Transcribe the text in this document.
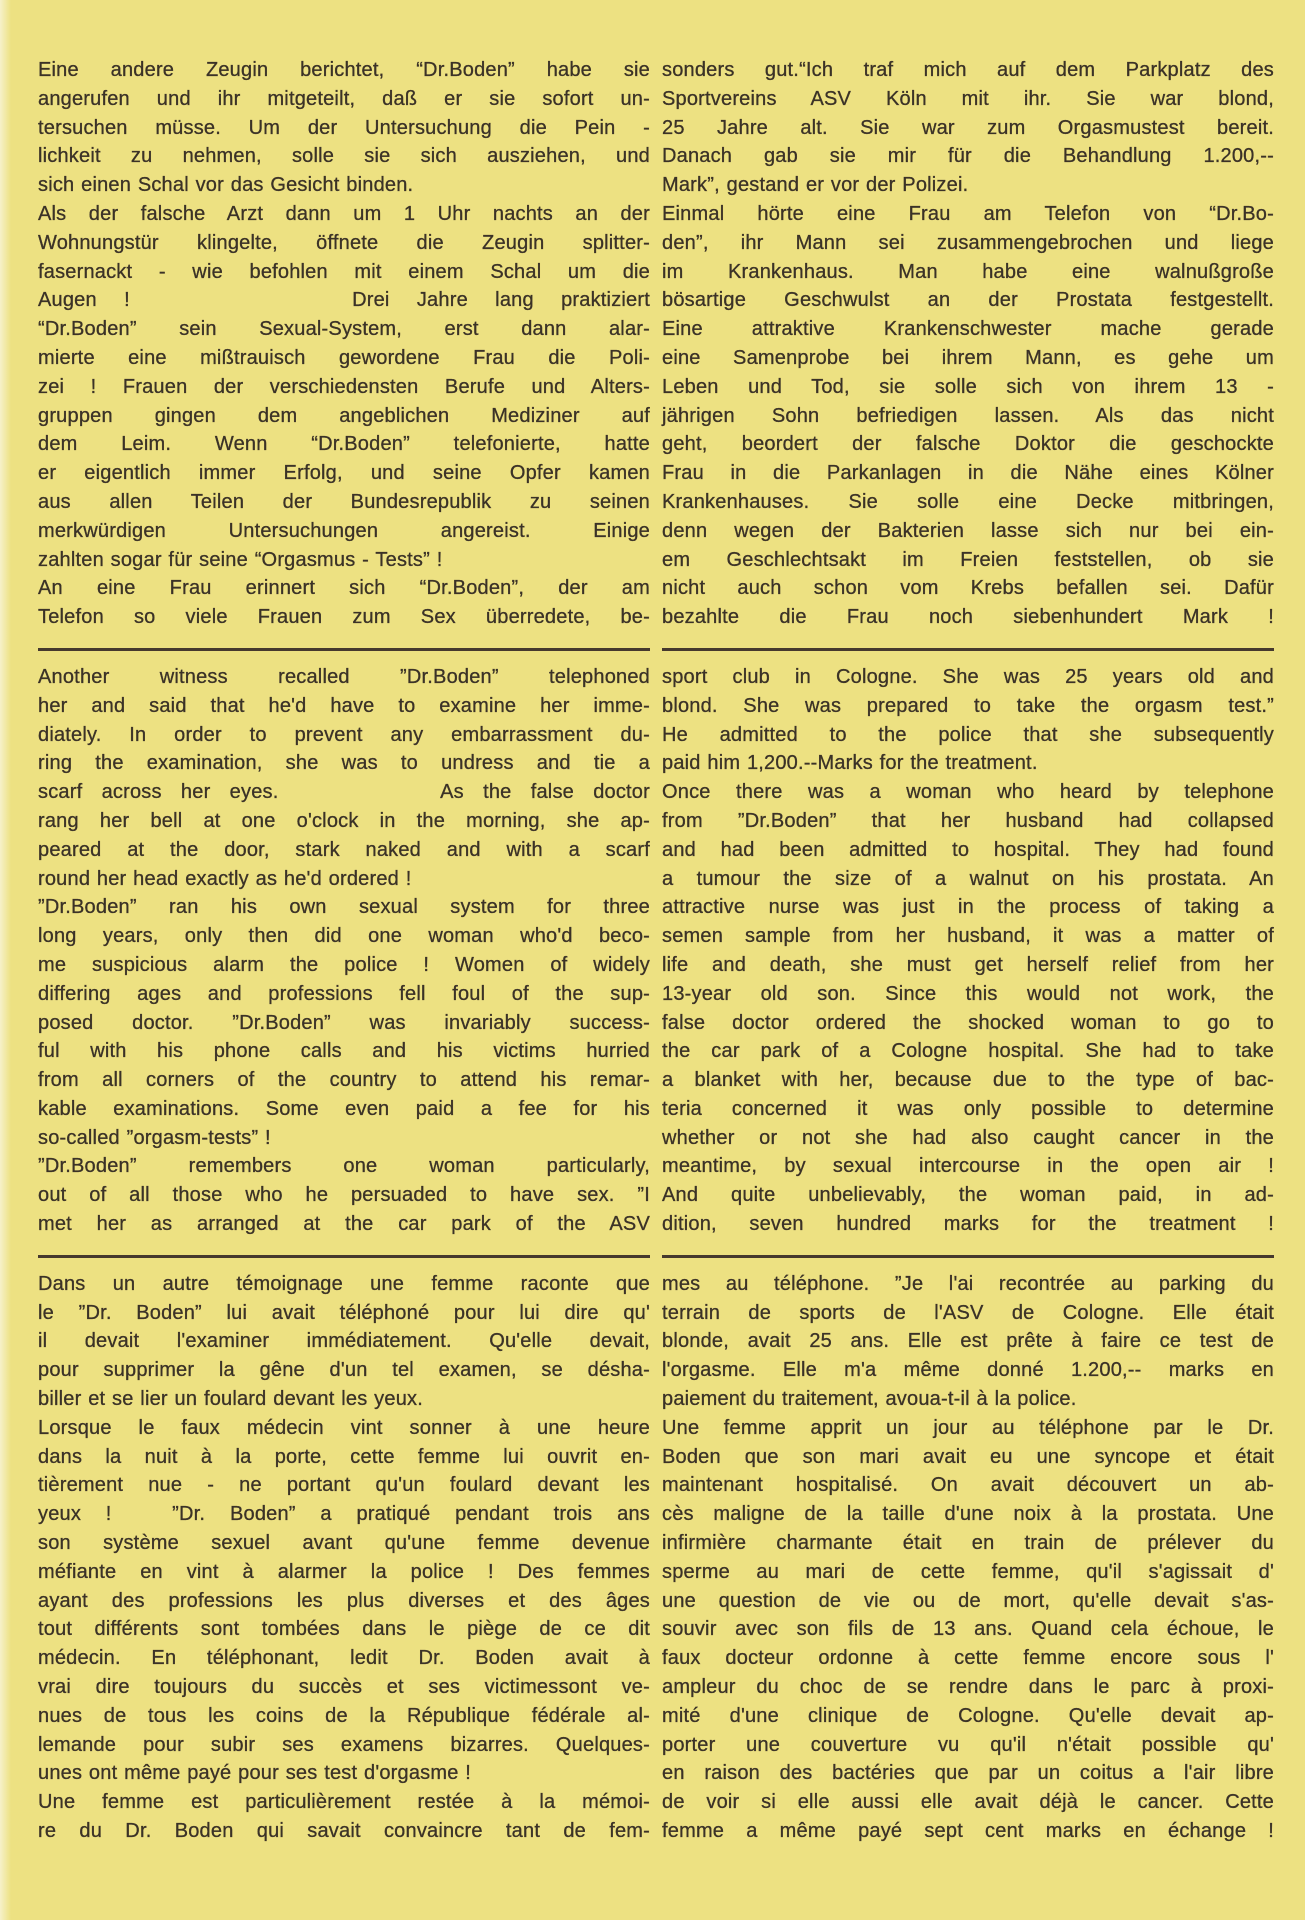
Eine andere Zeugin berichtet, “Dr.Boden” habe sie
angerufen und ihr mitgeteilt, daß er sie sofort un-
tersuchen müsse. Um der Untersuchung die Pein -
lichkeit zu nehmen, solle sie sich ausziehen, und
sich einen Schal vor das Gesicht binden.
Als der falsche Arzt dann um 1 Uhr nachts an der
Wohnungstür klingelte, öffnete die Zeugin splitter-
fasernackt - wie befohlen mit einem Schal um die
Augen !           Drei Jahre lang praktiziert
“Dr.Boden” sein Sexual-System, erst dann alar-
mierte eine mißtrauisch gewordene Frau die Poli-
zei ! Frauen der verschiedensten Berufe und Alters-
gruppen gingen dem angeblichen Mediziner auf
dem Leim. Wenn “Dr.Boden” telefonierte, hatte
er eigentlich immer Erfolg, und seine Opfer kamen
aus allen Teilen der Bundesrepublik zu seinen
merkwürdigen Untersuchungen angereist. Einige
zahlten sogar für seine “Orgasmus - Tests” !
An eine Frau erinnert sich “Dr.Boden”, der am
Telefon so viele Frauen zum Sex überredete, be-
Another witness recalled ”Dr.Boden” telephoned
her and said that he'd have to examine her imme-
diately. In order to prevent any embarrassment du-
ring the examination, she was to undress and tie a
scarf across her eyes.        As the false doctor
rang her bell at one o'clock in the morning, she ap-
peared at the door, stark naked and with a scarf
round her head exactly as he'd ordered !
”Dr.Boden” ran his own sexual system for three
long years, only then did one woman who'd beco-
me suspicious alarm the police ! Women of widely
differing ages and professions fell foul of the sup-
posed doctor. ”Dr.Boden” was invariably success-
ful with his phone calls and his victims hurried
from all corners of the country to attend his remar-
kable examinations. Some even paid a fee for his
so-called ”orgasm-tests” !
”Dr.Boden” remembers one woman particularly,
out of all those who he persuaded to have sex. ”I
met her as arranged at the car park of the ASV
Dans un autre témoignage une femme raconte que
le ”Dr. Boden” lui avait téléphoné pour lui dire qu'
il devait l'examiner immédiatement. Qu'elle devait,
pour supprimer la gêne d'un tel examen, se désha-
biller et se lier un foulard devant les yeux.
Lorsque le faux médecin vint sonner à une heure
dans la nuit à la porte, cette femme lui ouvrit en-
tièrement nue - ne portant qu'un foulard devant les
yeux !   ”Dr. Boden” a pratiqué pendant trois ans
son système sexuel avant qu'une femme devenue
méfiante en vint à alarmer la police ! Des femmes
ayant des professions les plus diverses et des âges
tout différents sont tombées dans le piège de ce dit
médecin. En téléphonant, ledit Dr. Boden avait à
vrai dire toujours du succès et ses victimessont ve-
nues de tous les coins de la République fédérale al-
lemande pour subir ses examens bizarres. Quelques-
unes ont même payé pour ses test d'orgasme !
Une femme est particulièrement restée à la mémoi-
re du Dr. Boden qui savait convaincre tant de fem-
sonders gut.“Ich traf mich auf dem Parkplatz des
Sportvereins ASV Köln mit ihr. Sie war blond,
25 Jahre alt. Sie war zum Orgasmustest bereit.
Danach gab sie mir für die Behandlung 1.200,--
Mark”, gestand er vor der Polizei.
Einmal hörte eine Frau am Telefon von “Dr.Bo-
den”, ihr Mann sei zusammengebrochen und liege
im Krankenhaus. Man habe eine walnußgroße
bösartige Geschwulst an der Prostata festgestellt.
Eine attraktive Krankenschwester mache gerade
eine Samenprobe bei ihrem Mann, es gehe um
Leben und Tod, sie solle sich von ihrem 13 -
jährigen Sohn befriedigen lassen. Als das nicht
geht, beordert der falsche Doktor die geschockte
Frau in die Parkanlagen in die Nähe eines Kölner
Krankenhauses. Sie solle eine Decke mitbringen,
denn wegen der Bakterien lasse sich nur bei ein-
em Geschlechtsakt im Freien feststellen, ob sie
nicht auch schon vom Krebs befallen sei. Dafür
bezahlte die Frau noch siebenhundert Mark !
sport club in Cologne. She was 25 years old and
blond. She was prepared to take the orgasm test.”
He admitted to the police that she subsequently
paid him 1,200.--Marks for the treatment.
Once there was a woman who heard by telephone
from ”Dr.Boden” that her husband had collapsed
and had been admitted to hospital. They had found
a tumour the size of a walnut on his prostata. An
attractive nurse was just in the process of taking a
semen sample from her husband, it was a matter of
life and death, she must get herself relief from her
13-year old son. Since this would not work, the
false doctor ordered the shocked woman to go to
the car park of a Cologne hospital. She had to take
a blanket with her, because due to the type of bac-
teria concerned it was only possible to determine
whether or not she had also caught cancer in the
meantime, by sexual intercourse in the open air !
And quite unbelievably, the woman paid, in ad-
dition, seven hundred marks for the treatment !
mes au téléphone. ”Je l'ai recontrée au parking du
terrain de sports de l'ASV de Cologne. Elle était
blonde, avait 25 ans. Elle est prête à faire ce test de
l'orgasme. Elle m'a même donné 1.200,-- marks en
paiement du traitement, avoua-t-il à la police.
Une femme apprit un jour au téléphone par le Dr.
Boden que son mari avait eu une syncope et était
maintenant hospitalisé. On avait découvert un ab-
cès maligne de la taille d'une noix à la prostata. Une
infirmière charmante était en train de prélever du
sperme au mari de cette femme, qu'il s'agissait d'
une question de vie ou de mort, qu'elle devait s'as-
souvir avec son fils de 13 ans. Quand cela échoue, le
faux docteur ordonne à cette femme encore sous l'
ampleur du choc de se rendre dans le parc à proxi-
mité d'une clinique de Cologne. Qu'elle devait ap-
porter une couverture vu qu'il n'était possible qu'
en raison des bactéries que par un coitus a l'air libre
de voir si elle aussi elle avait déjà le cancer. Cette
femme a même payé sept cent marks en échange !
